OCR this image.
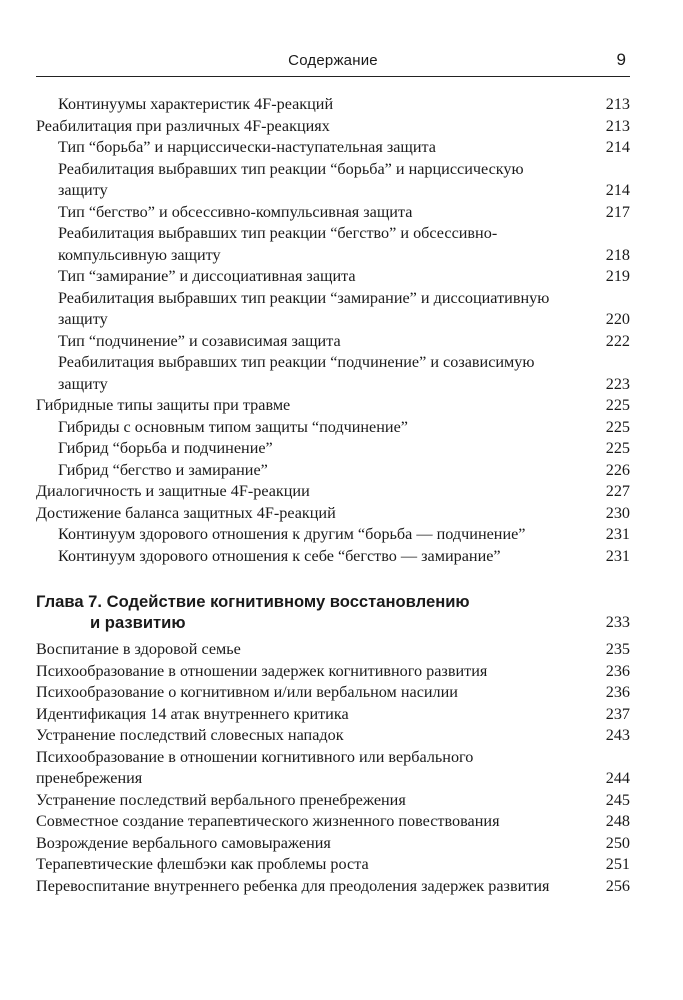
Содержание	9
Континуумы характеристик 4F-реакций	213
Реабилитация при различных 4F-реакциях	213
Тип “борьба” и нарциссически-наступательная защита	214
Реабилитация выбравших тип реакции “борьба” и нарциссическую защиту	214
Тип “бегство” и обсессивно-компульсивная защита	217
Реабилитация выбравших тип реакции “бегство” и обсессивно-компульсивную защиту	218
Тип “замирание” и диссоциативная защита	219
Реабилитация выбравших тип реакции “замирание” и диссоциативную защиту	220
Тип “подчинение” и созависимая защита	222
Реабилитация выбравших тип реакции “подчинение” и созависимую защиту	223
Гибридные типы защиты при травме	225
Гибриды с основным типом защиты “подчинение”	225
Гибрид “борьба и подчинение”	225
Гибрид “бегство и замирание”	226
Диалогичность и защитные 4F-реакции	227
Достижение баланса защитных 4F-реакций	230
Континуум здорового отношения к другим “борьба — подчинение”	231
Континуум здорового отношения к себе “бегство — замирание”	231
Глава 7. Содействие когнитивному восстановлению
и развитию	233
Воспитание в здоровой семье	235
Психообразование в отношении задержек когнитивного развития	236
Психообразование о когнитивном и/или вербальном насилии	236
Идентификация 14 атак внутреннего критика	237
Устранение последствий словесных нападок	243
Психообразование в отношении когнитивного или вербального пренебрежения	244
Устранение последствий вербального пренебрежения	245
Совместное создание терапевтического жизненного повествования	248
Возрождение вербального самовыражения	250
Терапевтические флешбэки как проблемы роста	251
Перевоспитание внутреннего ребенка для преодоления задержек развития	256
